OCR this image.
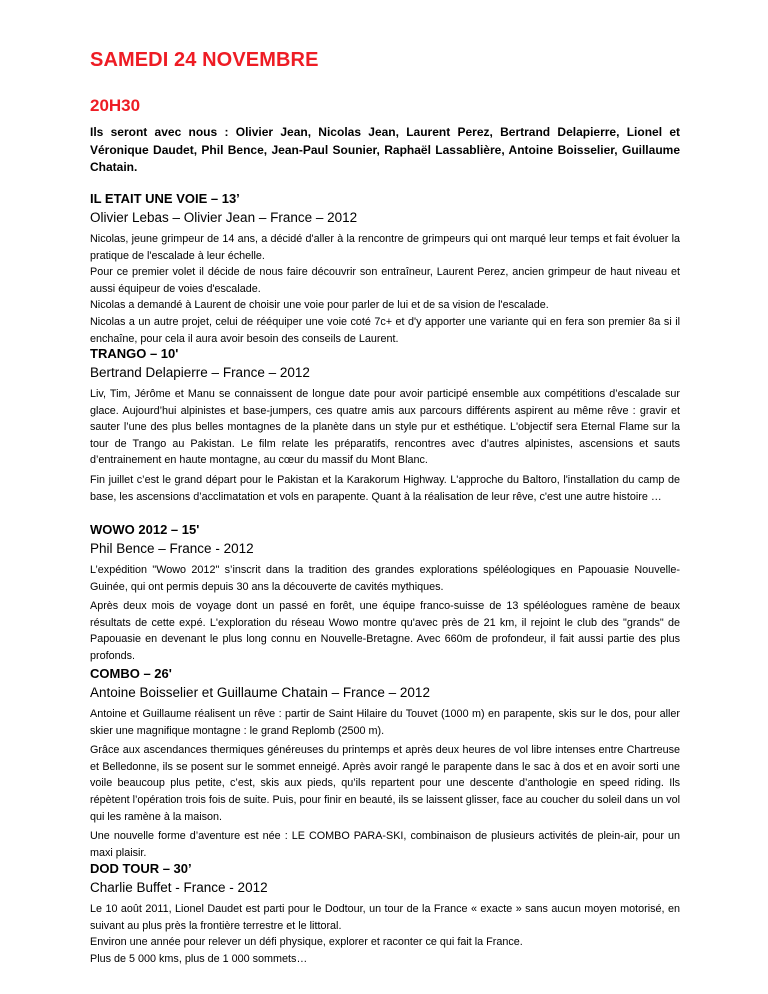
SAMEDI 24 NOVEMBRE
20H30

Ils seront avec nous : Olivier Jean, Nicolas Jean, Laurent Perez, Bertrand Delapierre, Lionel et Véronique Daudet, Phil Bence, Jean-Paul Sounier, Raphaël Lassablière, Antoine Boisselier, Guillaume Chatain.

IL ETAIT UNE VOIE – 13’

Olivier Lebas – Olivier Jean – France – 2012

Nicolas, jeune grimpeur de 14 ans, a décidé d'aller à la rencontre de grimpeurs qui ont marqué leur temps et fait évoluer la pratique de l'escalade à leur échelle.

Pour ce premier volet il décide de nous faire découvrir son entraîneur, Laurent Perez, ancien grimpeur de haut niveau et aussi équipeur de voies d'escalade.

Nicolas a demandé à Laurent de choisir une voie pour parler de lui et de sa vision de l'escalade.

Nicolas a un autre projet, celui de rééquiper une voie coté 7c+ et d'y apporter une variante qui en fera son premier 8a si il enchaîne, pour cela il aura avoir besoin des conseils de Laurent.

TRANGO – 10'

Bertrand Delapierre – France – 2012

Liv, Tim, Jérôme et Manu se connaissent de longue date pour avoir participé ensemble aux compétitions d’escalade sur glace. Aujourd’hui alpinistes et base-jumpers, ces quatre amis aux parcours différents aspirent au même rêve : gravir et sauter l’une des plus belles montagnes de la planète dans un style pur et esthétique. L'objectif sera Eternal Flame sur la tour de Trango au Pakistan. Le film relate les préparatifs, rencontres avec d’autres alpinistes, ascensions et sauts d’entrainement en haute montagne, au cœur du massif du Mont Blanc.

Fin juillet c’est le grand départ pour le Pakistan et la Karakorum Highway. L'approche du Baltoro, l'installation du camp de base, les ascensions d’acclimatation et vols en parapente. Quant à la réalisation de leur rêve, c'est une autre histoire …

WOWO 2012 – 15'

Phil Bence – France - 2012

L’expédition "Wowo 2012" s’inscrit dans la tradition des grandes explorations spéléologiques en Papouasie Nouvelle-Guinée, qui ont permis depuis 30 ans la découverte de cavités mythiques.

Après deux mois de voyage dont un passé en forêt, une équipe franco-suisse de 13 spéléologues ramène de beaux résultats de cette expé. L'exploration du réseau Wowo montre qu'avec près de 21 km, il rejoint le club des "grands" de Papouasie en devenant le plus long connu en Nouvelle-Bretagne. Avec 660m de profondeur, il fait aussi partie des plus profonds.

COMBO – 26'

Antoine Boisselier et Guillaume Chatain – France – 2012

Antoine et Guillaume réalisent un rêve : partir de Saint Hilaire du Touvet (1000 m) en parapente, skis sur le dos, pour aller skier une magnifique montagne : le grand Replomb (2500 m).

Grâce aux ascendances thermiques généreuses du printemps et après deux heures de vol libre intenses entre Chartreuse et Belledonne, ils se posent sur le sommet enneigé. Après avoir rangé le parapente dans le sac à dos et en avoir sorti une voile beaucoup plus petite, c’est, skis aux pieds, qu’ils repartent pour une descente d’anthologie en speed riding. Ils répètent l’opération trois fois de suite. Puis, pour finir en beauté, ils se laissent glisser, face au coucher du soleil dans un vol qui les ramène à la maison.

Une nouvelle forme d’aventure est née : LE COMBO PARA-SKI, combinaison de plusieurs activités de plein-air, pour un maxi plaisir.

DOD TOUR – 30’

Charlie Buffet - France - 2012

Le 10 août 2011, Lionel Daudet est parti pour le Dodtour, un tour de la France « exacte » sans aucun moyen motorisé, en suivant au plus près la frontière terrestre et le littoral.

Environ une année pour relever un défi physique, explorer et raconter ce qui fait la France.

Plus de 5 000 kms, plus de 1 000 sommets…
